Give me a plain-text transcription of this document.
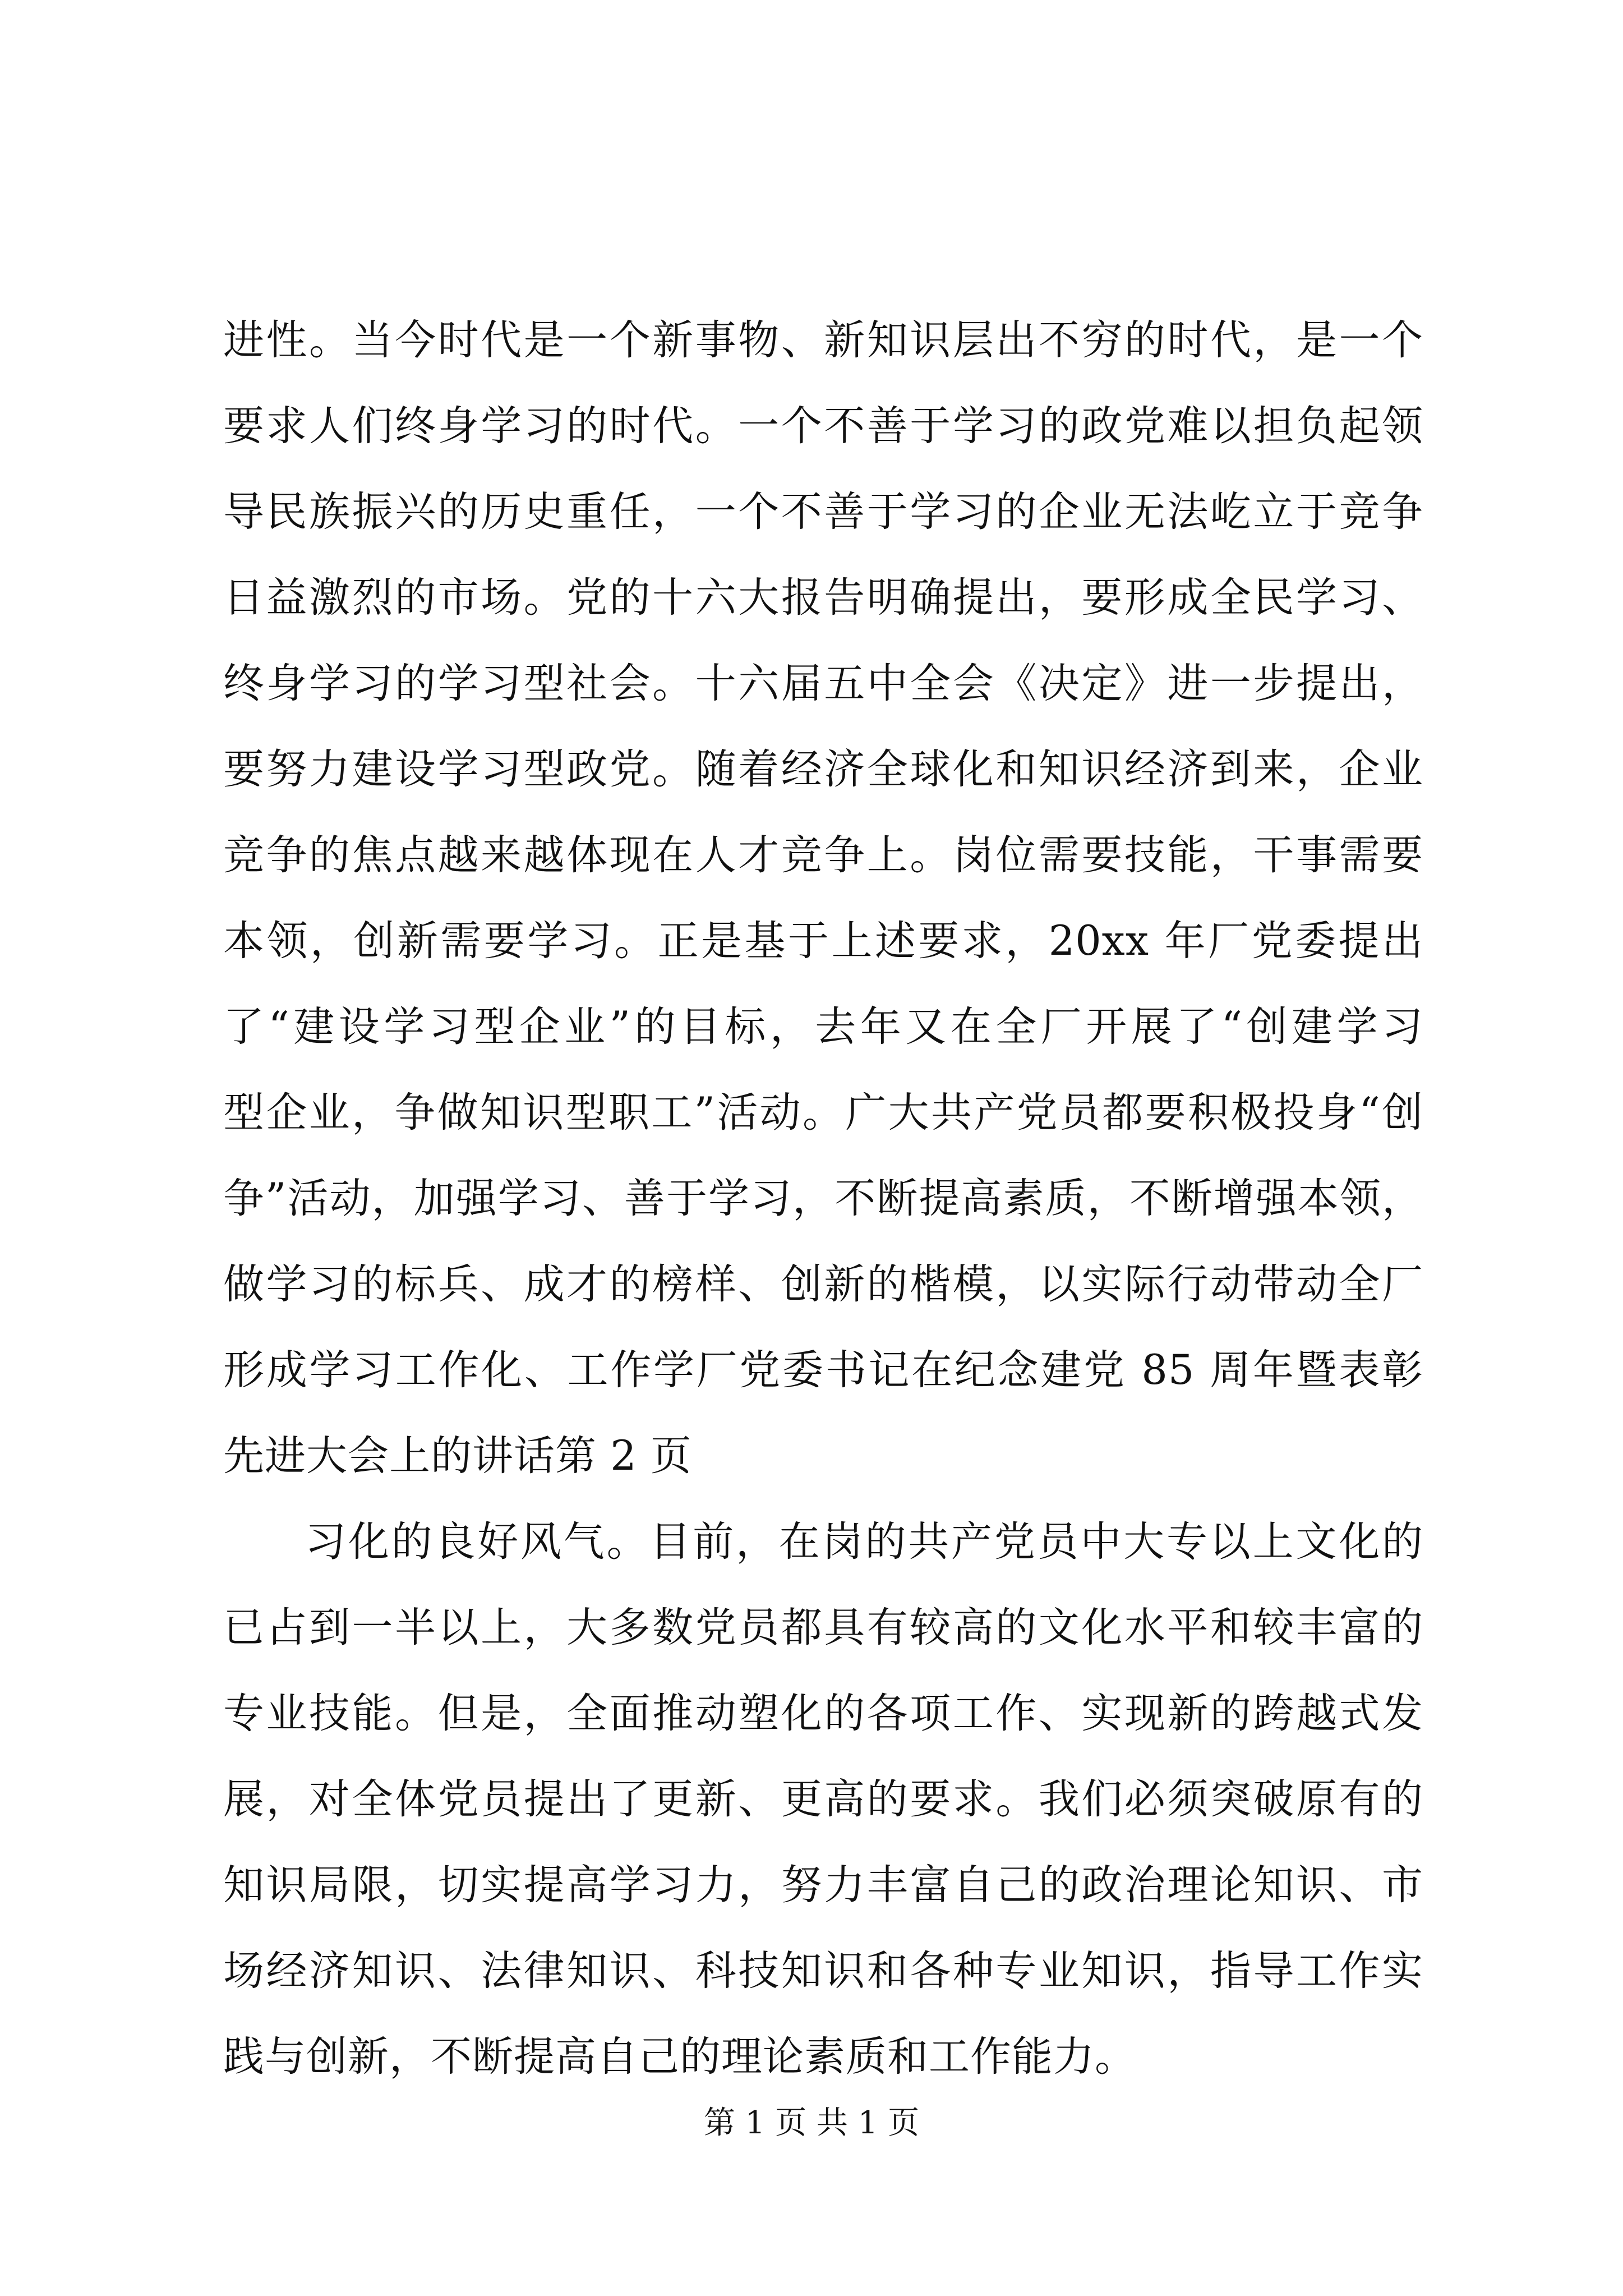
进性。当今时代是一个新事物、新知识层出不穷的时代，是一个
要求人们终身学习的时代。一个不善于学习的政党难以担负起领
导民族振兴的历史重任，一个不善于学习的企业无法屹立于竞争
日益激烈的市场。党的十六大报告明确提出，要形成全民学习、
终身学习的学习型社会。十六届五中全会《决定》进一步提出，
要努力建设学习型政党。随着经济全球化和知识经济到来，企业
竞争的焦点越来越体现在人才竞争上。岗位需要技能，干事需要
本领，创新需要学习。正是基于上述要求，20xx 年厂党委提出
了“建设学习型企业”的目标，去年又在全厂开展了“创建学习
型企业，争做知识型职工”活动。广大共产党员都要积极投身“创
争”活动，加强学习、善于学习，不断提高素质，不断增强本领，
做学习的标兵、成才的榜样、创新的楷模，以实际行动带动全厂
形成学习工作化、工作学厂党委书记在纪念建党 85 周年暨表彰
先进大会上的讲话第 2 页
习化的良好风气。目前，在岗的共产党员中大专以上文化的
已占到一半以上，大多数党员都具有较高的文化水平和较丰富的
专业技能。但是，全面推动塑化的各项工作、实现新的跨越式发
展，对全体党员提出了更新、更高的要求。我们必须突破原有的
知识局限，切实提高学习力，努力丰富自己的政治理论知识、市
场经济知识、法律知识、科技知识和各种专业知识，指导工作实
践与创新，不断提高自己的理论素质和工作能力。
第 1 页 共 1 页
